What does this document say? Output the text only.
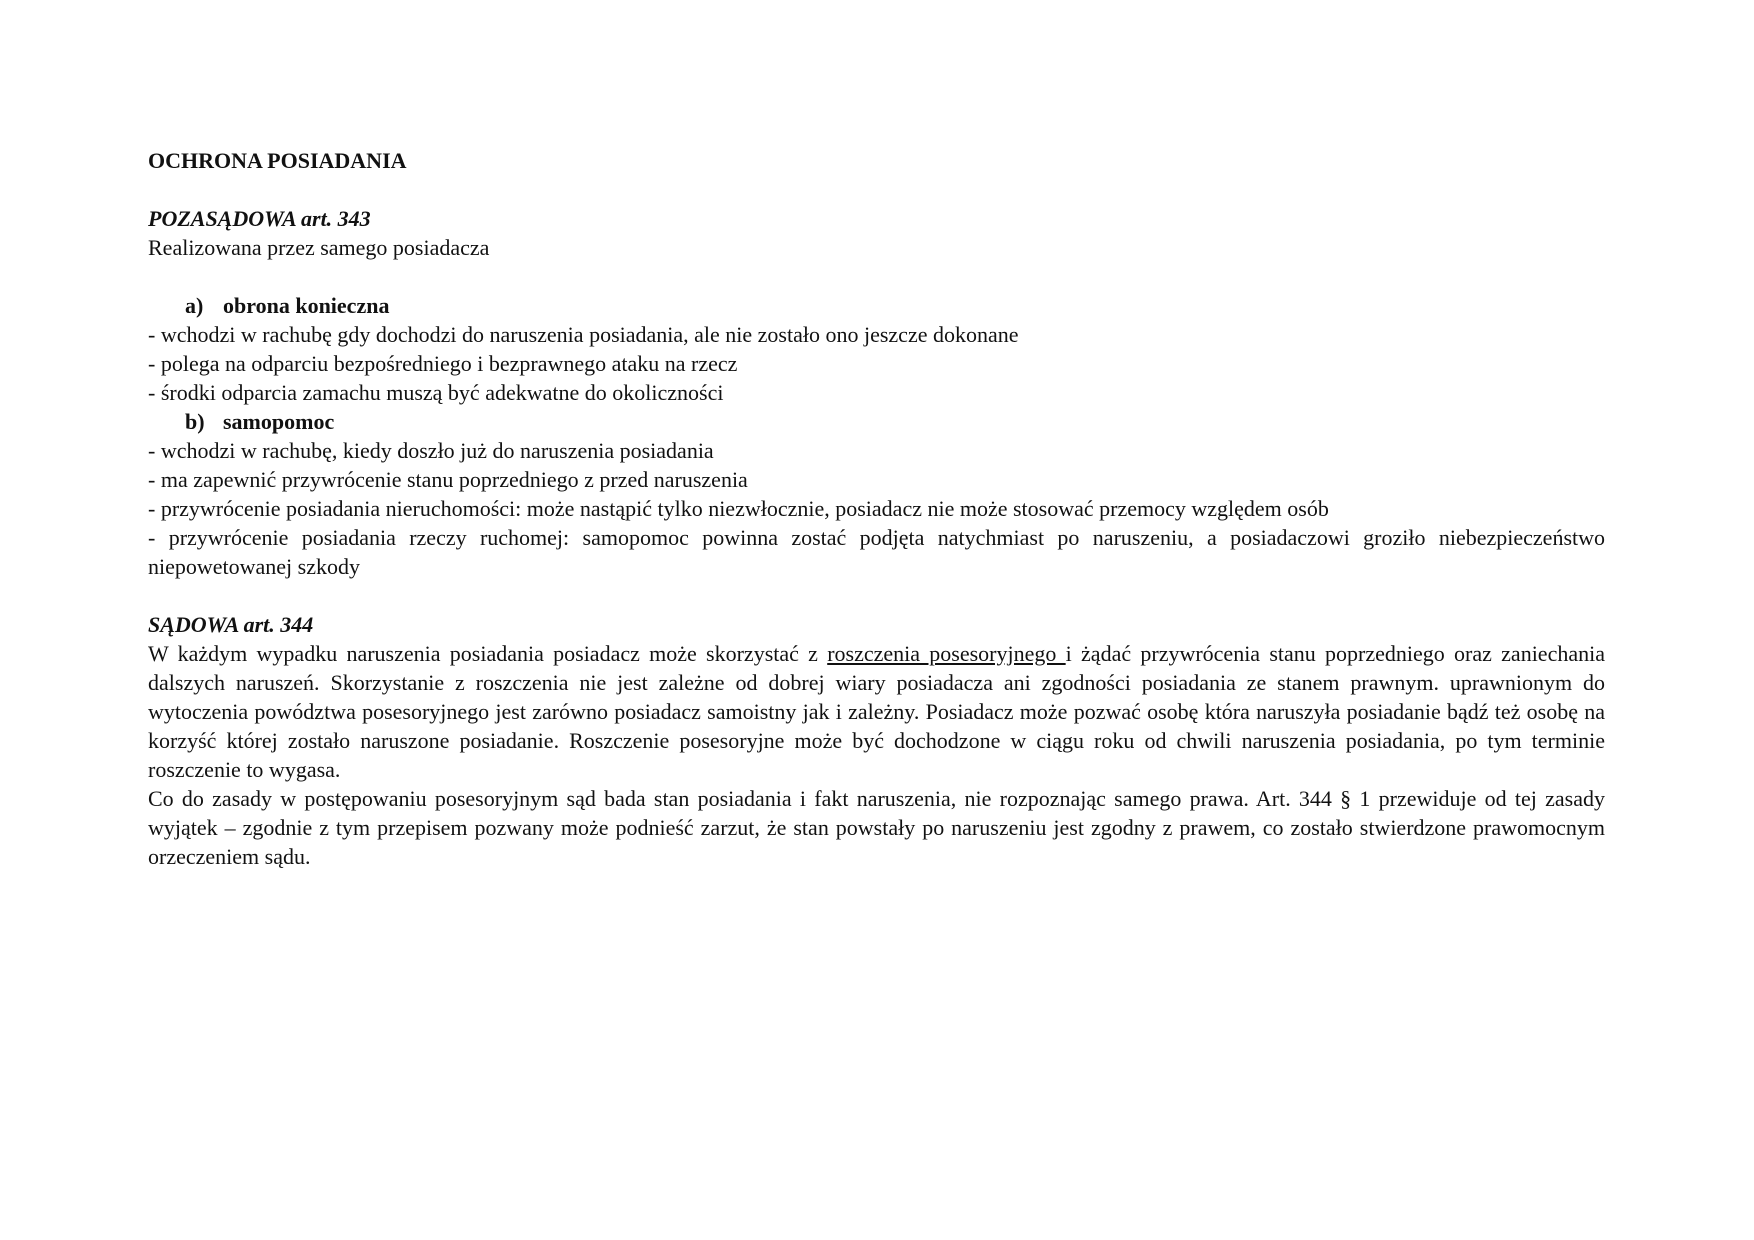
OCHRONA POSIADANIA

POZASĄDOWA art. 343

Realizowana przez samego posiadacza

a) obrona konieczna

- wchodzi w rachubę gdy dochodzi do naruszenia posiadania, ale nie zostało ono jeszcze dokonane

- polega na odparciu bezpośredniego i bezprawnego ataku na rzecz

- środki odparcia zamachu muszą być adekwatne do okoliczności

b) samopomoc

- wchodzi w rachubę, kiedy doszło już do naruszenia posiadania

- ma zapewnić przywrócenie stanu poprzedniego z przed naruszenia

- przywrócenie posiadania nieruchomości: może nastąpić tylko niezwłocznie, posiadacz nie może stosować przemocy względem osób

- przywrócenie posiadania rzeczy ruchomej: samopomoc powinna zostać podjęta natychmiast po naruszeniu, a posiadaczowi groziło niebezpieczeństwo niepowetowanej szkody

SĄDOWA art. 344

W każdym wypadku naruszenia posiadania posiadacz może skorzystać z roszczenia posesoryjnego i żądać przywrócenia stanu poprzedniego oraz zaniechania dalszych naruszeń. Skorzystanie z roszczenia nie jest zależne od dobrej wiary posiadacza ani zgodności posiadania ze stanem prawnym. uprawnionym do wytoczenia powództwa posesoryjnego jest zarówno posiadacz samoistny jak i zależny. Posiadacz może pozwać osobę która naruszyła posiadanie bądź też osobę na korzyść której zostało naruszone posiadanie. Roszczenie posesoryjne może być dochodzone w ciągu roku od chwili naruszenia posiadania, po tym terminie roszczenie to wygasa.

Co do zasady w postępowaniu posesoryjnym sąd bada stan posiadania i fakt naruszenia, nie rozpoznając samego prawa. Art. 344 § 1 przewiduje od tej zasady wyjątek – zgodnie z tym przepisem pozwany może podnieść zarzut, że stan powstały po naruszeniu jest zgodny z prawem, co zostało stwierdzone prawomocnym orzeczeniem sądu.
